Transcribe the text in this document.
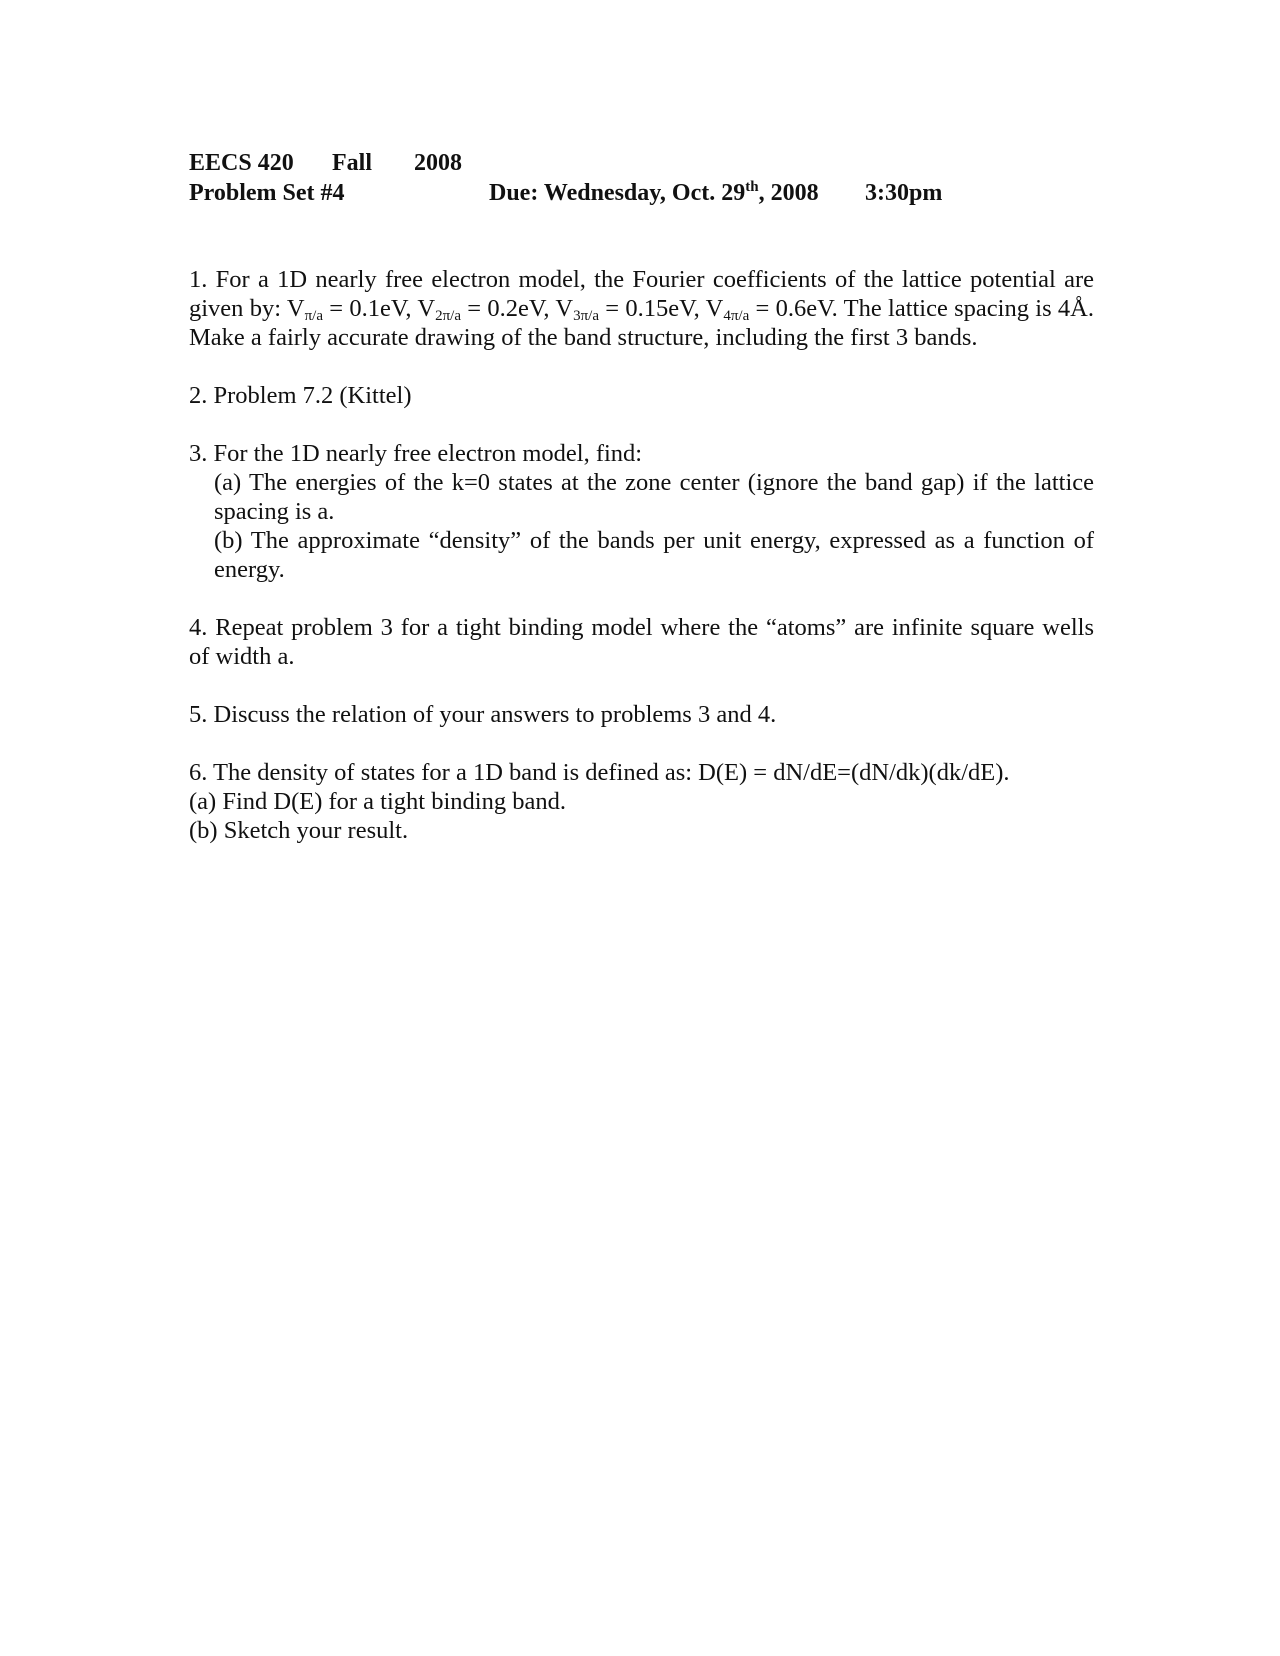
EECS 420 Fall 2008
Problem Set #4	Due: Wednesday, Oct. 29th, 2008 3:30pm

1. For a 1D nearly free electron model, the Fourier coefficients of the lattice potential are given by: $V_{\pi/a} = 0.1eV$, $V_{2\pi/a} = 0.2eV$, $V_{3\pi/a} = 0.15eV$, $V_{4\pi/a} = 0.6eV$. The lattice spacing is 4Å. Make a fairly accurate drawing of the band structure, including the first 3 bands.

2. Problem 7.2 (Kittel)

3. For the 1D nearly free electron model, find:

(a) The energies of the k=0 states at the zone center (ignore the band gap) if the lattice spacing is a.

(b) The approximate “density” of the bands per unit energy, expressed as a function of energy.

4. Repeat problem 3 for a tight binding model where the “atoms” are infinite square wells of width a.

5. Discuss the relation of your answers to problems 3 and 4.

6. The density of states for a 1D band is defined as: D(E) = dN/dE=(dN/dk)(dk/dE).

(a) Find D(E) for a tight binding band.

(b) Sketch your result.
